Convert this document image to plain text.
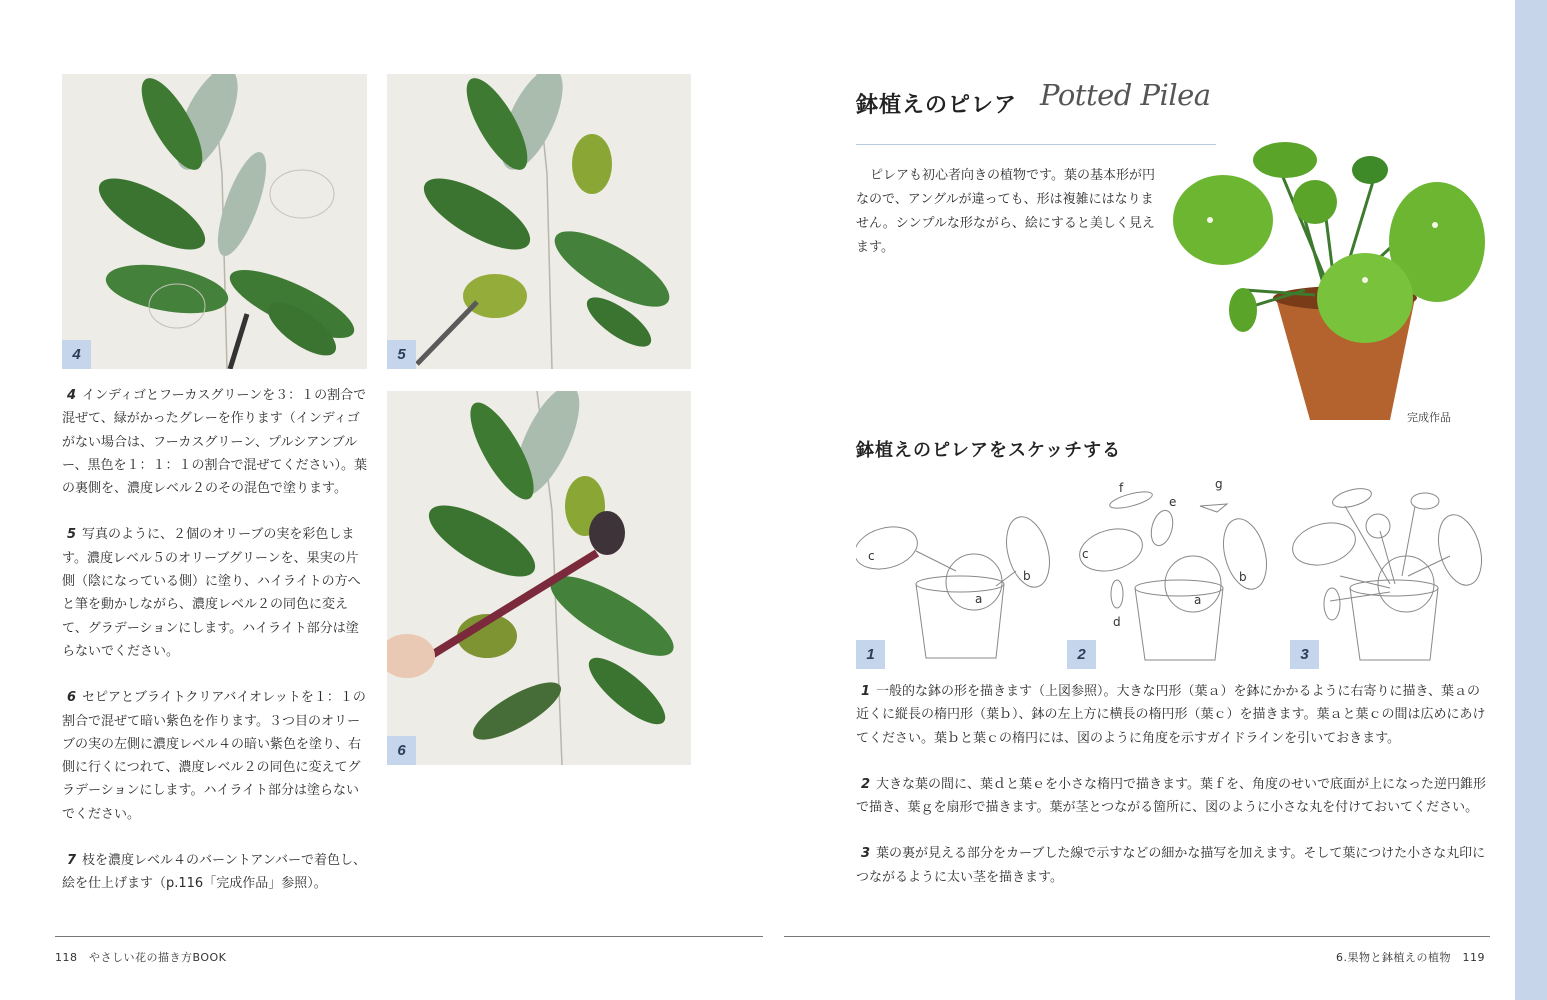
4	5
6

4 インディゴとフーカスグリーンを３：１の割合で混ぜて、緑がかったグレーを作ります（インディゴがない場合は、フーカスグリーン、プルシアンブルー、黒色を１：１：１の割合で混ぜてください）。葉の裏側を、濃度レベル２のその混色で塗ります。

5 写真のように、２個のオリーブの実を彩色します。濃度レベル５のオリーブグリーンを、果実の片側（陰になっている側）に塗り、ハイライトの方へと筆を動かしながら、濃度レベル２の同色に変えて、グラデーションにします。ハイライト部分は塗らないでください。

6 セピアとブライトクリアバイオレットを１：１の割合で混ぜて暗い紫色を作ります。３つ目のオリーブの実の左側に濃度レベル４の暗い紫色を塗り、右側に行くにつれて、濃度レベル２の同色に変えてグラデーションにします。ハイライト部分は塗らないでください。

7 枝を濃度レベル４のバーントアンバーで着色し、絵を仕上げます（p.116「完成作品」参照）。

鉢植えのピレア Potted Pilea
ピレアも初心者向きの植物です。葉の基本形が円なので、アングルが違っても、形は複雑にはなりません。シンプルな形ながら、絵にすると美しく見えます。
完成作品
鉢植えのピレアをスケッチする
c
a
b
1
c
a
b
d
e
f	g
2	3

1 一般的な鉢の形を描きます（上図参照）。大きな円形（葉ａ）を鉢にかかるように右寄りに描き、葉ａの近くに縦長の楕円形（葉ｂ）、鉢の左上方に横長の楕円形（葉ｃ）を描きます。葉ａと葉ｃの間は広めにあけてください。葉ｂと葉ｃの楕円には、図のように角度を示すガイドラインを引いておきます。

2 大きな葉の間に、葉ｄと葉ｅを小さな楕円で描きます。葉ｆを、角度のせいで底面が上になった逆円錐形で描き、葉ｇを扇形で描きます。葉が茎とつながる箇所に、図のように小さな丸を付けておいてください。

3 葉の裏が見える部分をカーブした線で示すなどの細かな描写を加えます。そして葉につけた小さな丸印につながるように太い茎を描きます。

118　やさしい花の描き方BOOK	6.果物と鉢植えの植物　119
